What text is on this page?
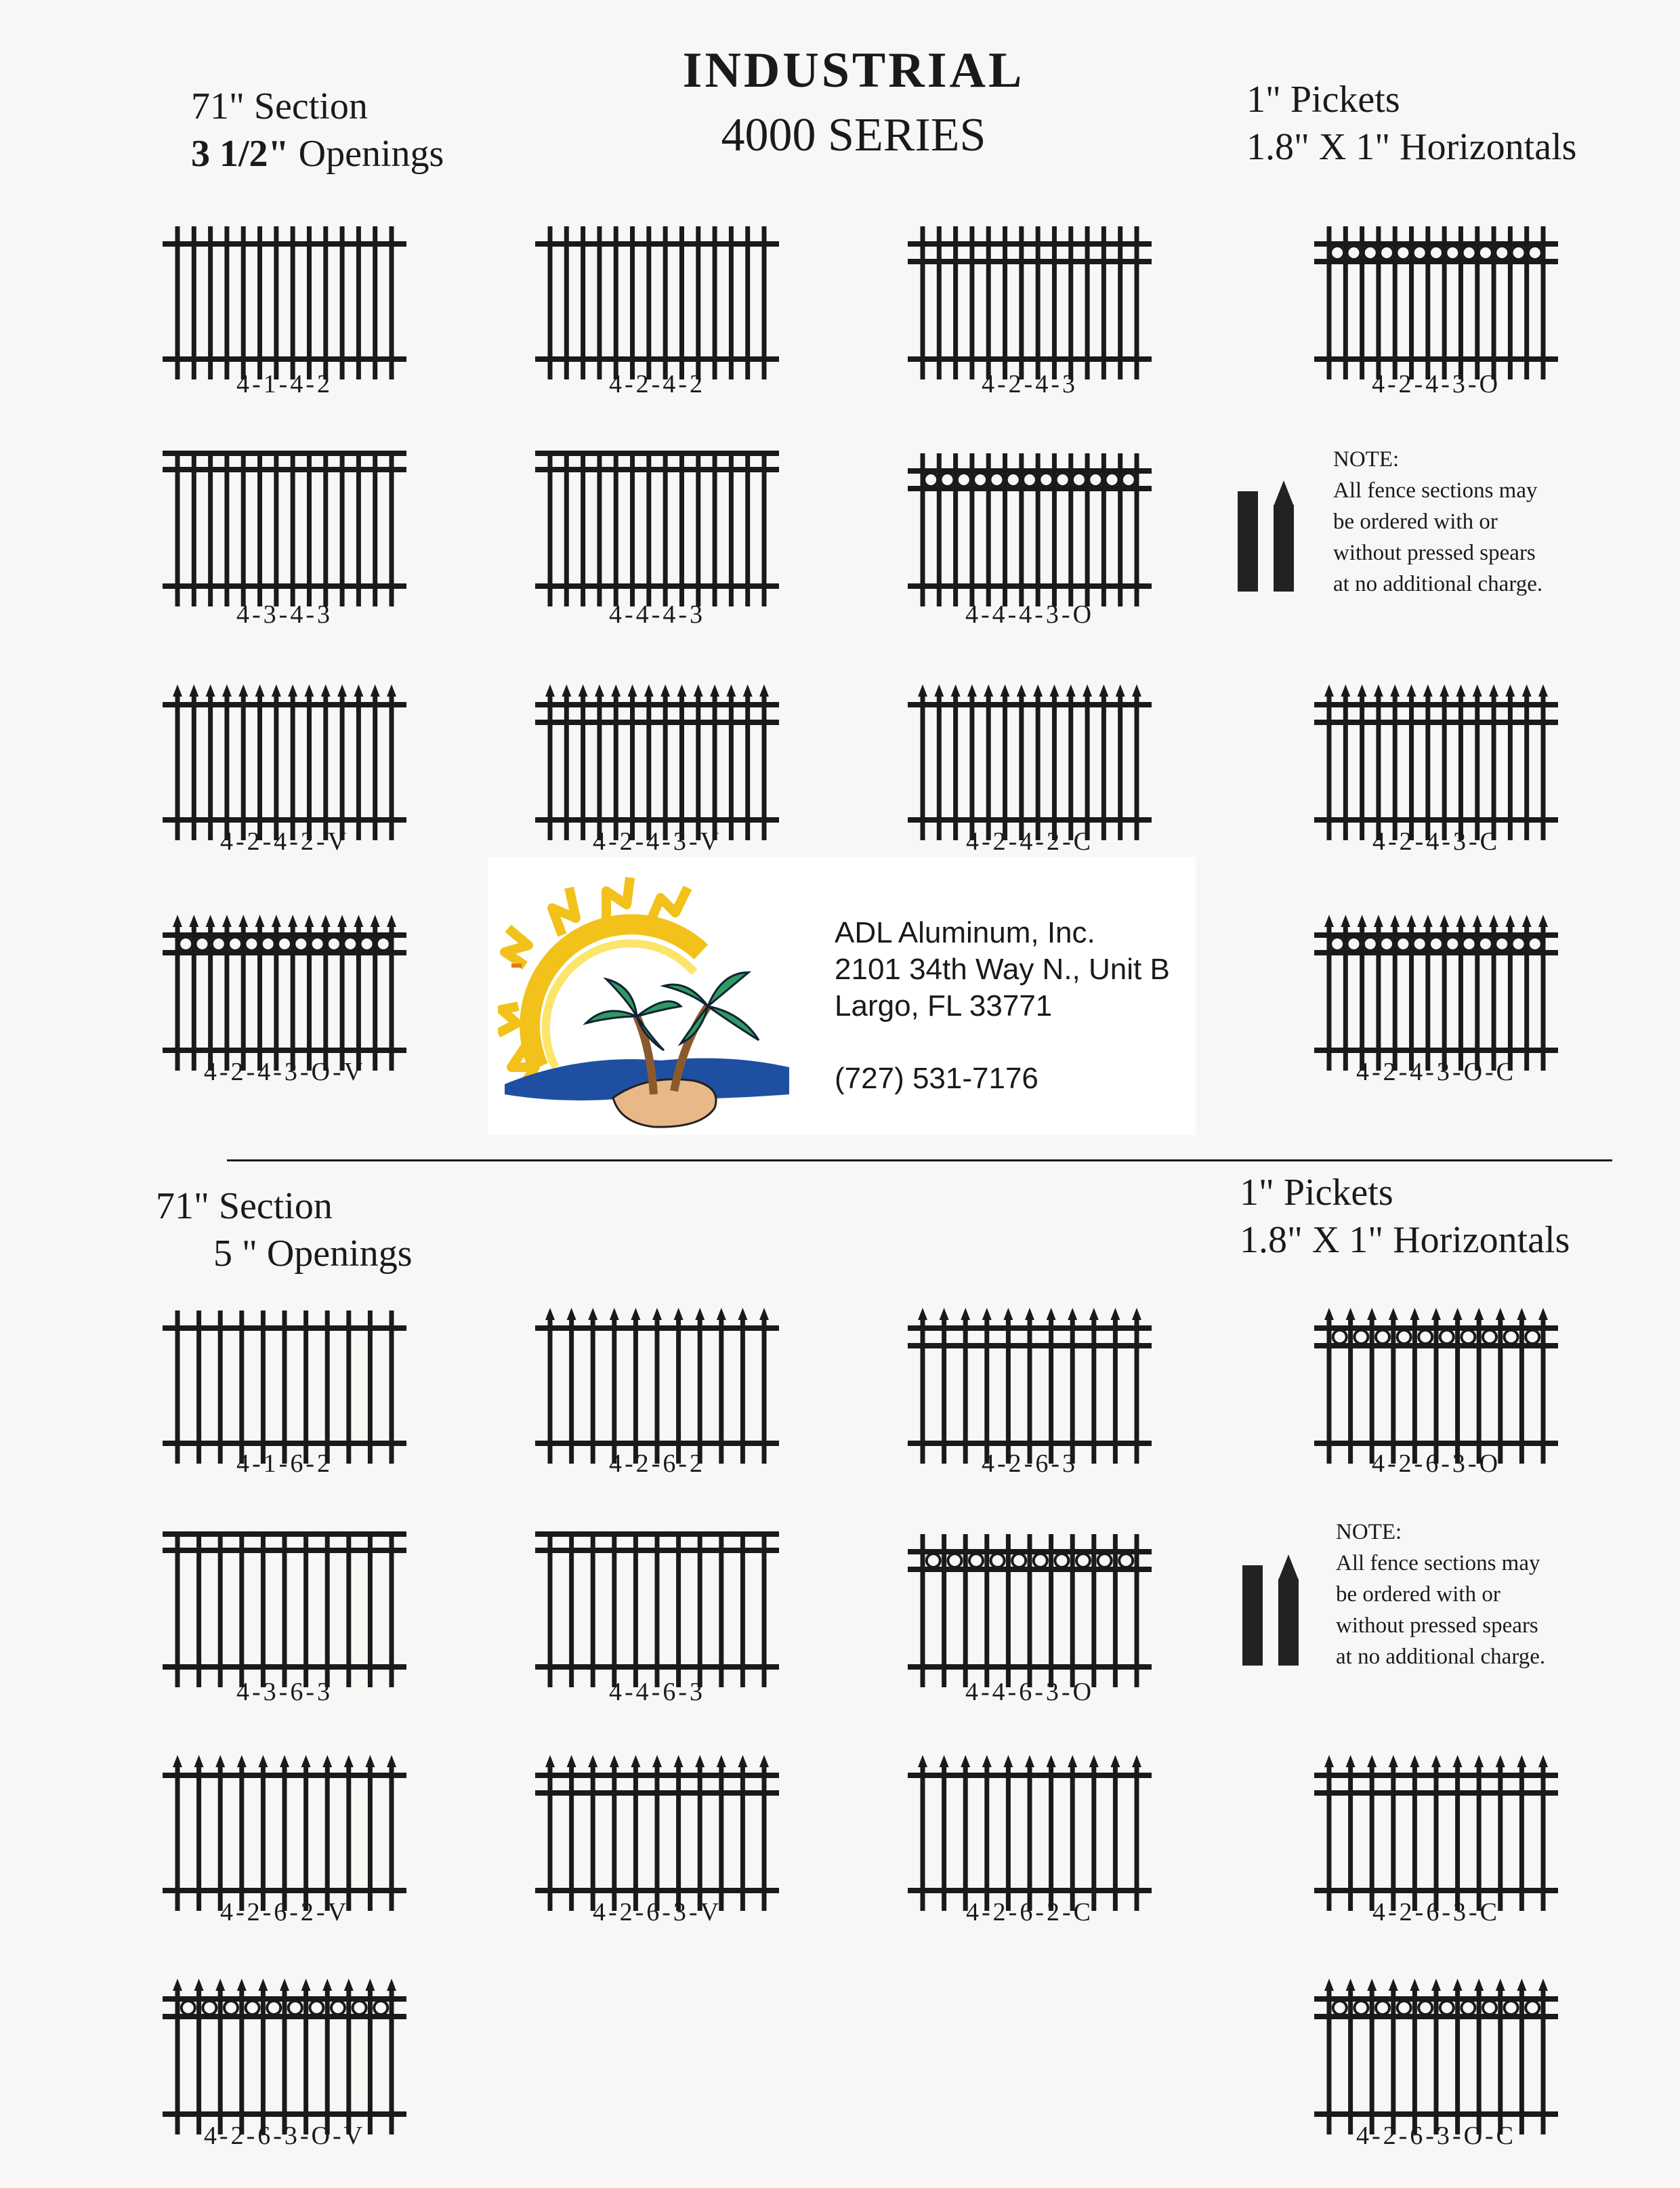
INDUSTRIAL
4000 SERIES
71" Section
3 1/2" Openings
1" Pickets
1.8" X 1" Horizontals
71" Section
5 " Openings
1" Pickets
1.8" X 1" Horizontals
4-1-4-2	4-2-4-2	4-2-4-3	4-2-4-3-O
4-3-4-3	4-4-4-3	4-4-4-3-O
4-2-4-2-V	4-2-4-3-V	4-2-4-2-C	4-2-4-3-C
4-2-4-3-O-V	4-2-4-3-O-C
NOTE:
All fence sections may
be ordered with or
without pressed spears
at no additional charge.
ADL Aluminum, Inc.
2101 34th Way N., Unit B
Largo, FL 33771
(727) 531-7176
4-1-6-2	4-2-6-2	4-2-6-3	4-2-6-3-O
4-3-6-3	4-4-6-3	4-4-6-3-O
4-2-6-2-V	4-2-6-3-V	4-2-6-2-C	4-2-6-3-C
4-2-6-3-O-V	4-2-6-3-O-C
NOTE:
All fence sections may
be ordered with or
without pressed spears
at no additional charge.
